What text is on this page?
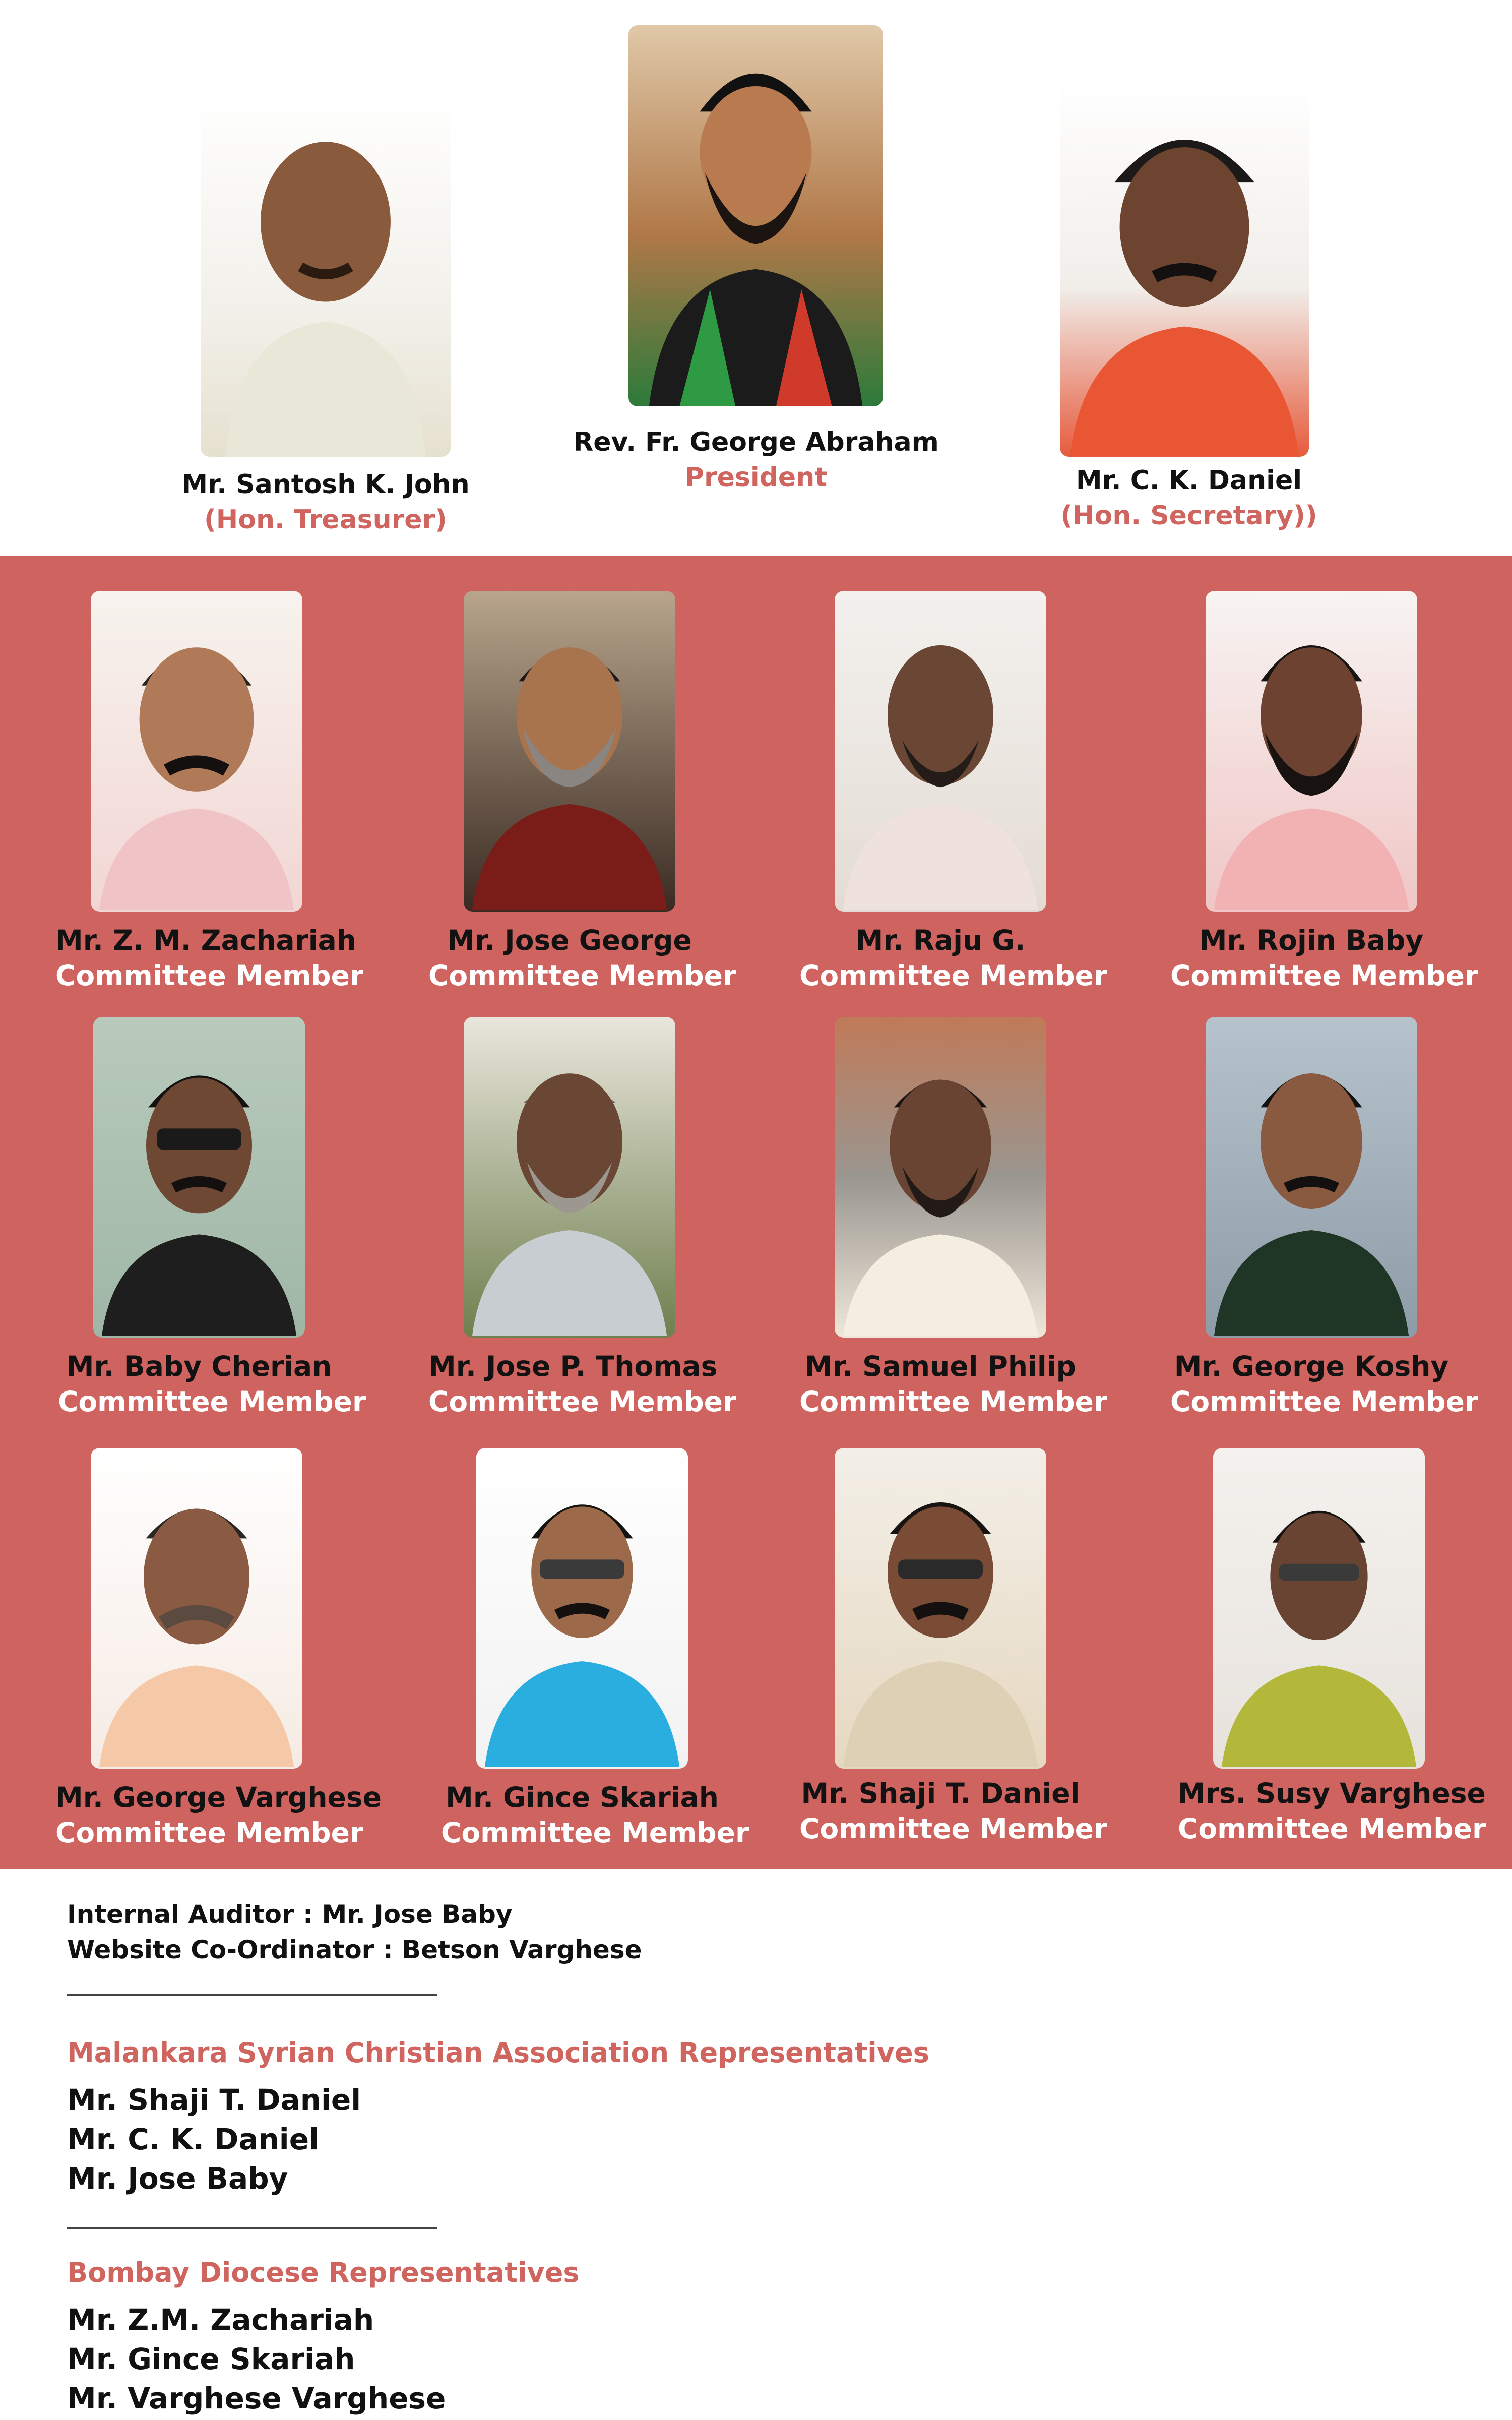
Mr. Santosh K. John
(Hon. Treasurer)
Rev. Fr. George Abraham
President	Mr. C. K. Daniel
(Hon. Secretary))
Mr. Z. M. Zachariah
Committee Member
Mr. Jose George
Committee Member
Mr. Raju G.
Committee Member
Mr. Rojin Baby
Committee Member
Mr. Baby Cherian
Committee Member
Mr. Jose P. Thomas
Committee Member
Mr. Samuel Philip
Committee Member
Mr. George Koshy
Committee Member
Mr. George Varghese
Committee Member
Mr. Gince Skariah
Committee Member
Mr. Shaji T. Daniel
Committee Member
Mrs. Susy Varghese
Committee Member
Internal Auditor : Mr. Jose Baby
Website Co-Ordinator : Betson Varghese
Malankara Syrian Christian Association Representatives
Mr. Shaji T. Daniel
Mr. C. K. Daniel
Mr. Jose Baby
Bombay Diocese Representatives
Mr. Z.M. Zachariah
Mr. Gince Skariah
Mr. Varghese Varghese
